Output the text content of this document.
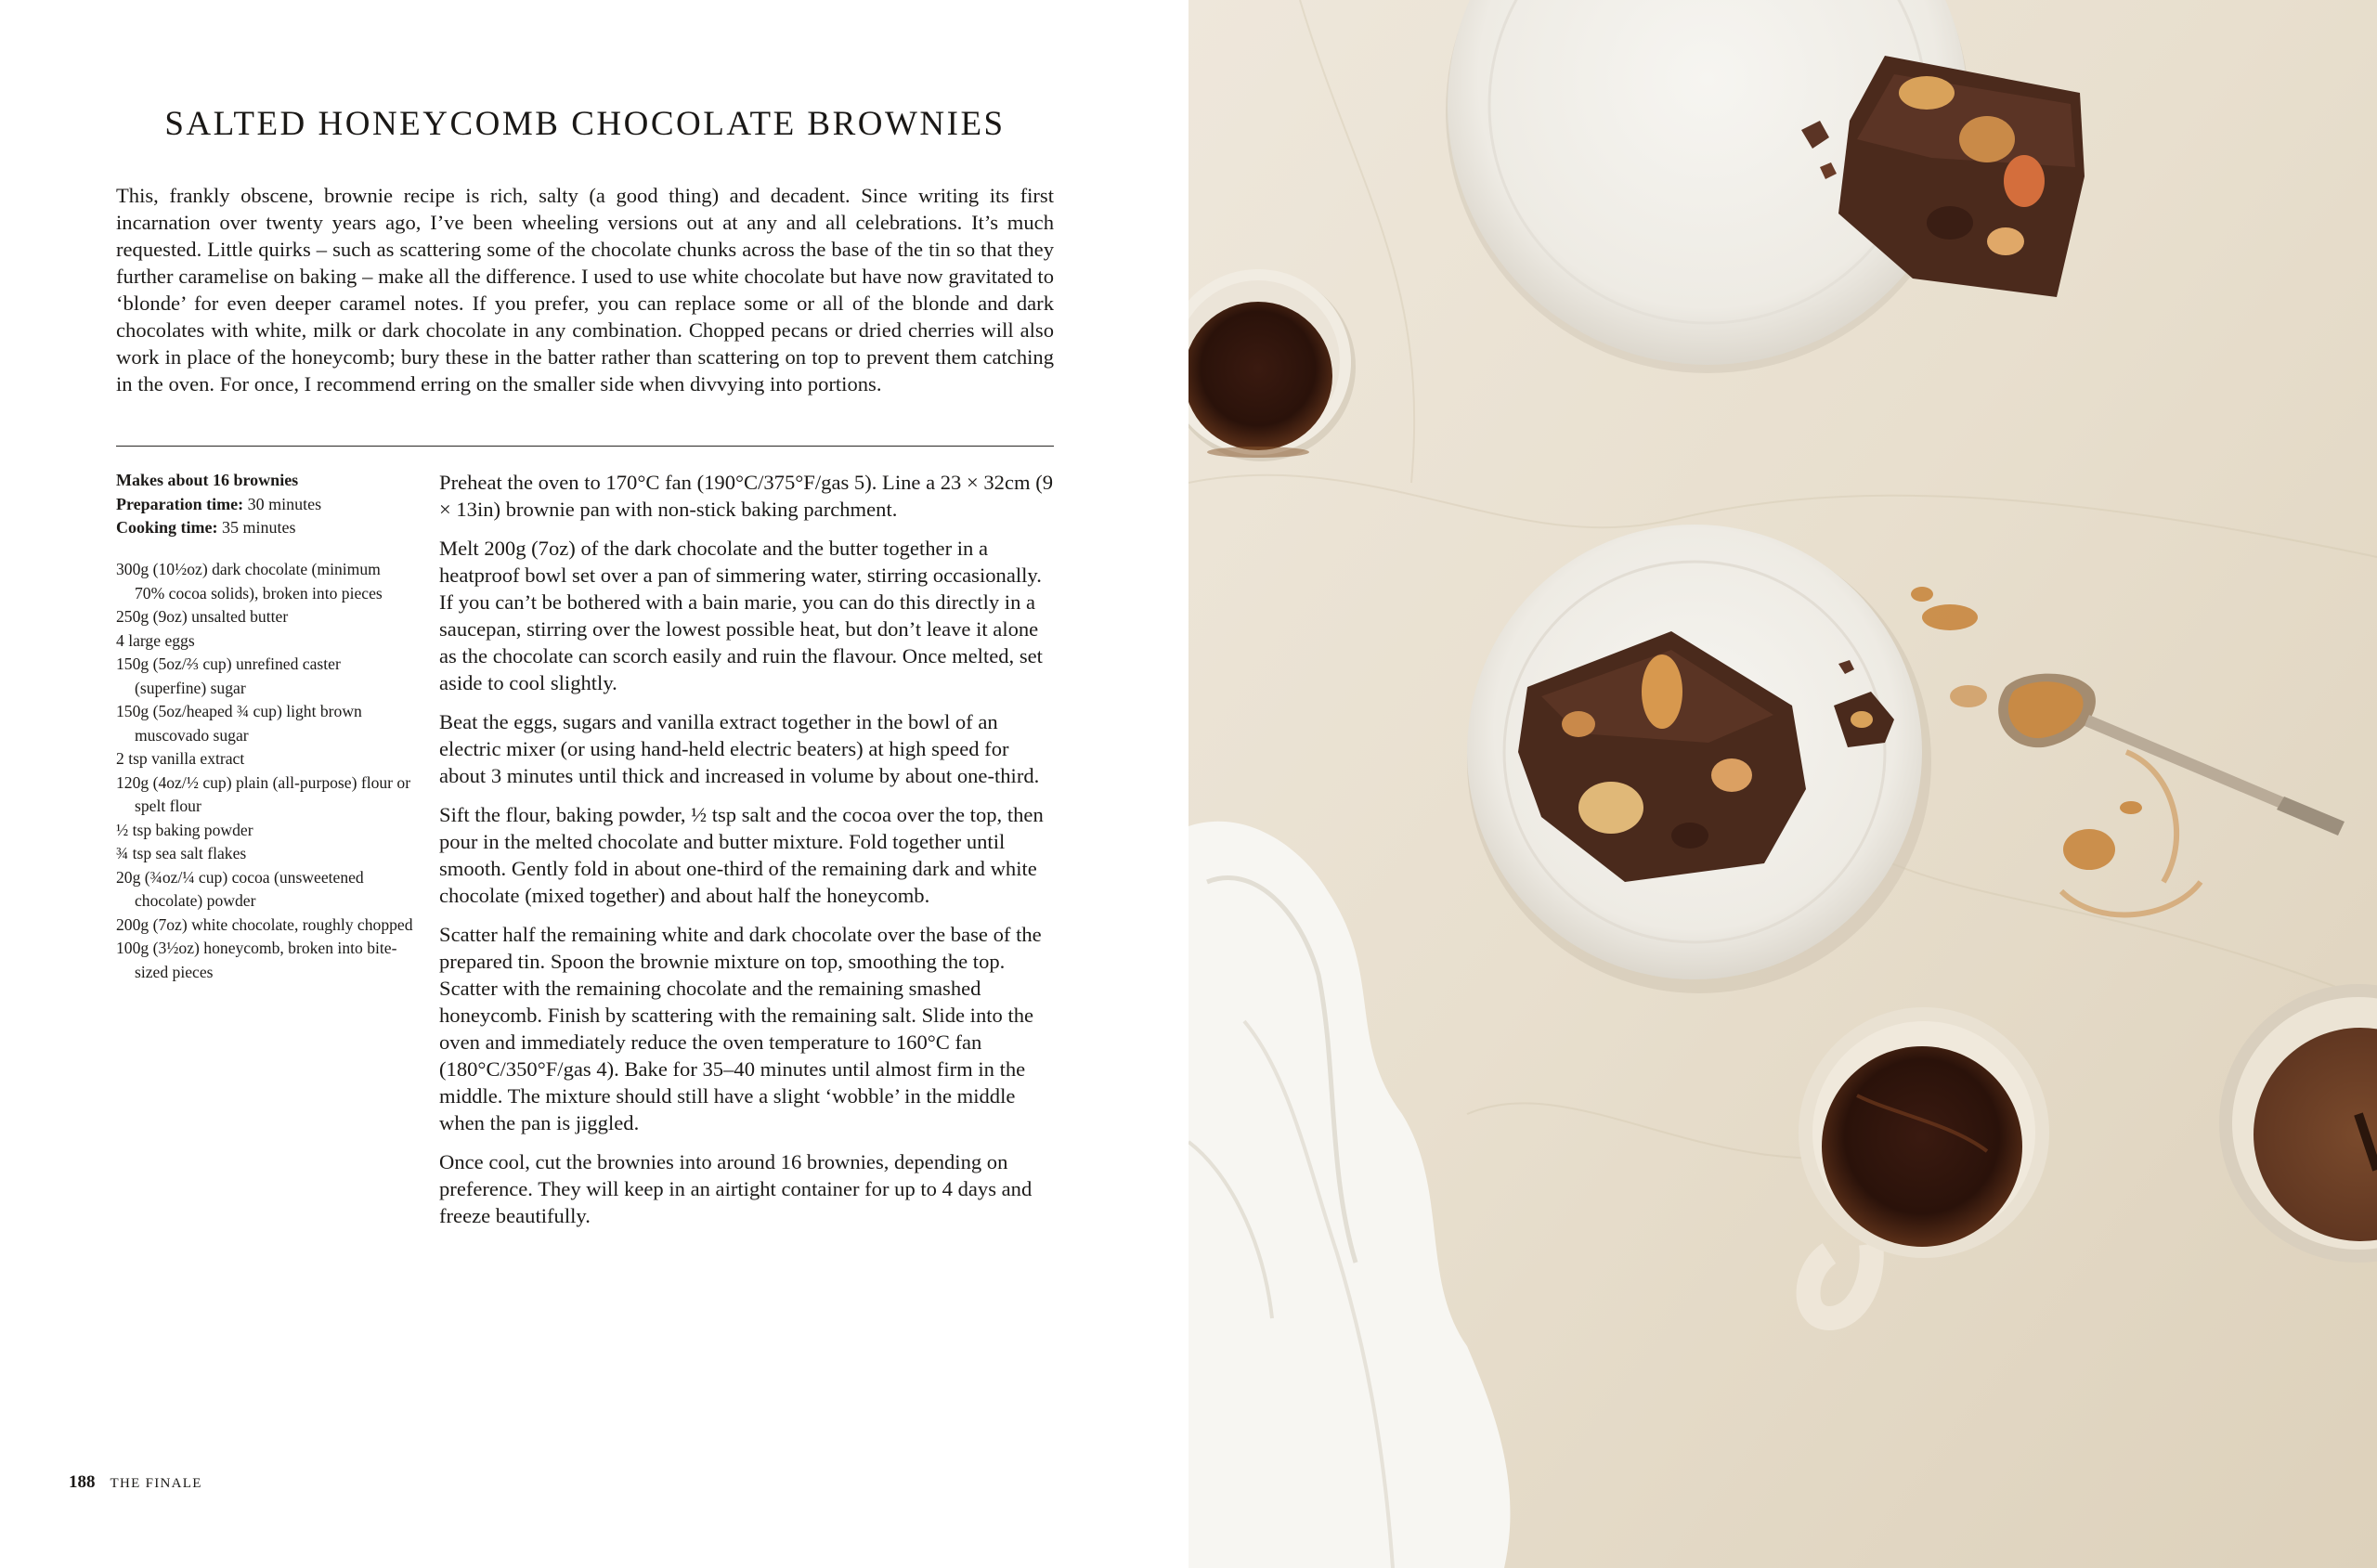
SALTED HONEYCOMB CHOCOLATE BROWNIES

This, frankly obscene, brownie recipe is rich, salty (a good thing) and decadent. Since writing its first incarnation over twenty years ago, I’ve been wheeling versions out at any and all celebrations. It’s much requested. Little quirks – such as scattering some of the chocolate chunks across the base of the tin so that they further caramelise on baking – make all the difference. I used to use white chocolate but have now gravitated to ‘blonde’ for even deeper caramel notes. If you prefer, you can replace some or all of the blonde and dark chocolates with white, milk or dark chocolate in any combination. Chopped pecans or dried cherries will also work in place of the honeycomb; bury these in the batter rather than scattering on top to prevent them catching in the oven. For once, I recommend erring on the smaller side when divvying into portions.

Makes about 16 brownies
Preparation time: 30 minutes
Cooking time: 35 minutes
300g (10½oz) dark chocolate (minimum 70% cocoa solids), broken into pieces
250g (9oz) unsalted butter
4 large eggs
150g (5oz/⅔ cup) unrefined caster (superfine) sugar
150g (5oz/heaped ¾ cup) light brown muscovado sugar
2 tsp vanilla extract
120g (4oz/½ cup) plain (all-purpose) flour or spelt flour
½ tsp baking powder
¾ tsp sea salt flakes
20g (¾oz/¼ cup) cocoa (unsweetened chocolate) powder
200g (7oz) white chocolate, roughly chopped
100g (3½oz) honeycomb, broken into bite-sized pieces

Preheat the oven to 170°C fan (190°C/375°F/gas 5). Line a 23 × 32cm (9 × 13in) brownie pan with non-stick baking parchment.

Melt 200g (7oz) of the dark chocolate and the butter together in a heatproof bowl set over a pan of simmering water, stirring occasionally. If you can’t be bothered with a bain marie, you can do this directly in a saucepan, stirring over the lowest possible heat, but don’t leave it alone as the chocolate can scorch easily and ruin the flavour. Once melted, set aside to cool slightly.

Beat the eggs, sugars and vanilla extract together in the bowl of an electric mixer (or using hand-held electric beaters) at high speed for about 3 minutes until thick and increased in volume by about one-third.

Sift the flour, baking powder, ½ tsp salt and the cocoa over the top, then pour in the melted chocolate and butter mixture. Fold together until smooth. Gently fold in about one-third of the remaining dark and white chocolate (mixed together) and about half the honeycomb.

Scatter half the remaining white and dark chocolate over the base of the prepared tin. Spoon the brownie mixture on top, smoothing the top. Scatter with the remaining chocolate and the remaining smashed honeycomb. Finish by scattering with the remaining salt. Slide into the oven and immediately reduce the oven temperature to 160°C fan (180°C/350°F/gas 4). Bake for 35–40 minutes until almost firm in the middle. The mixture should still have a slight ‘wobble’ in the middle when the pan is jiggled.

Once cool, cut the brownies into around 16 brownies, depending on preference. They will keep in an airtight container for up to 4 days and freeze beautifully.

188 THE FINALE
